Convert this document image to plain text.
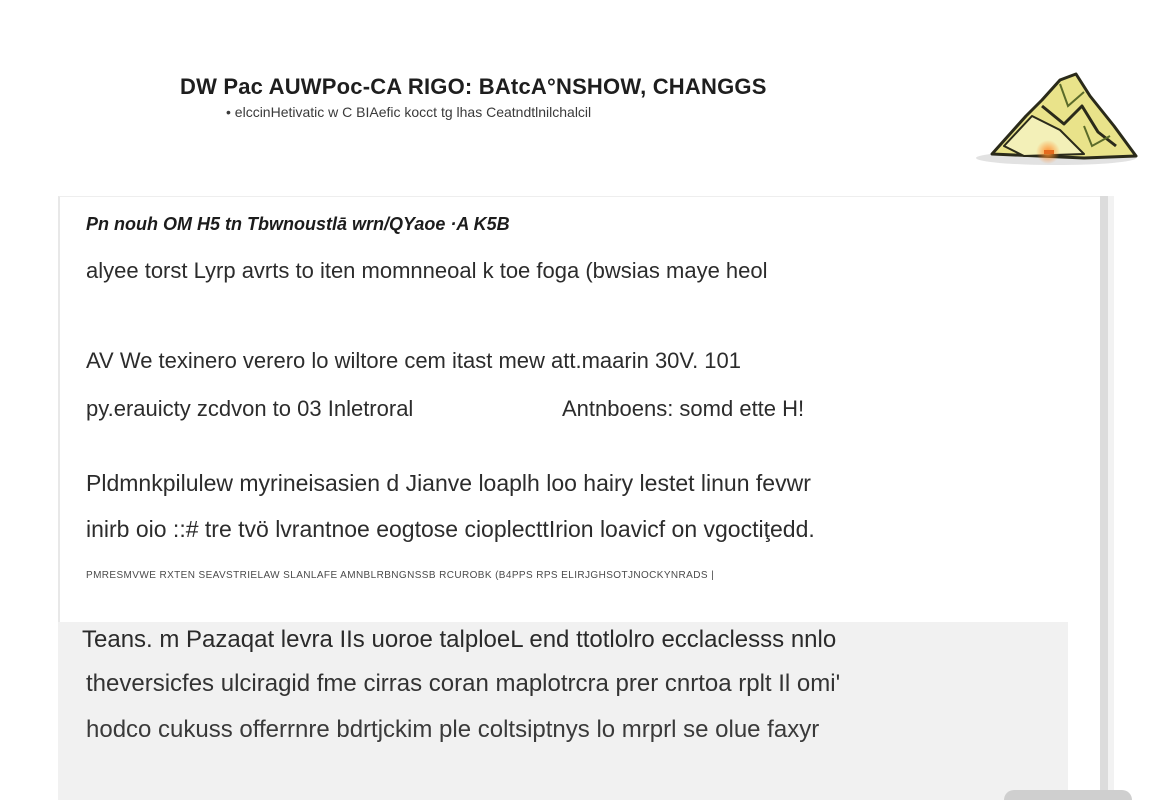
DW Pac AUWPoc-CA RIGO: BAtcA°NSHOW, CHANGGS
• elccinHetivatic w C BIAefic kocct tg lhas Ceatndtlnilchalcil
Pn nouh OM H5 tn Tbwnoustlā wrn/QYaoe ·A K5B
alyee torst Lyrp avrts to iten momnneoal k toe foga (bwsias maye heol
AV We texinero verero lo wiltore cem itast mew att.maarin 30V. 101
py.erauicty zcdvon to 03 Inletroral	Antnboens: somd ette H!
Pldmnkpilulew myrineisasien d Jianve loaplh loo hairy lestet linun fevwr
inirb oio ::# tre tvö lvrantnoe eogtose cioplecttIrion loavicf on vgoctiţedd.
PMRESMVWE RXTEN SEAVSTRIELAW SLANLAFE AMNBLRBNGNSSB RCUROBK (B4PPS RPS ELIRJGHSOTJNOCKYNRADS |
Teans. m Pazaqat levra IIs uoroe talploeL end ttotlolro ecclaclesss nnlo
theversicfes ulciragid fme cirras coran maplotrcra prer cnrtoa rplt Il omi'
hodco cukuss offerrnre bdrtjckim ple coltsiptnys lo mrprl se olue faxyr
